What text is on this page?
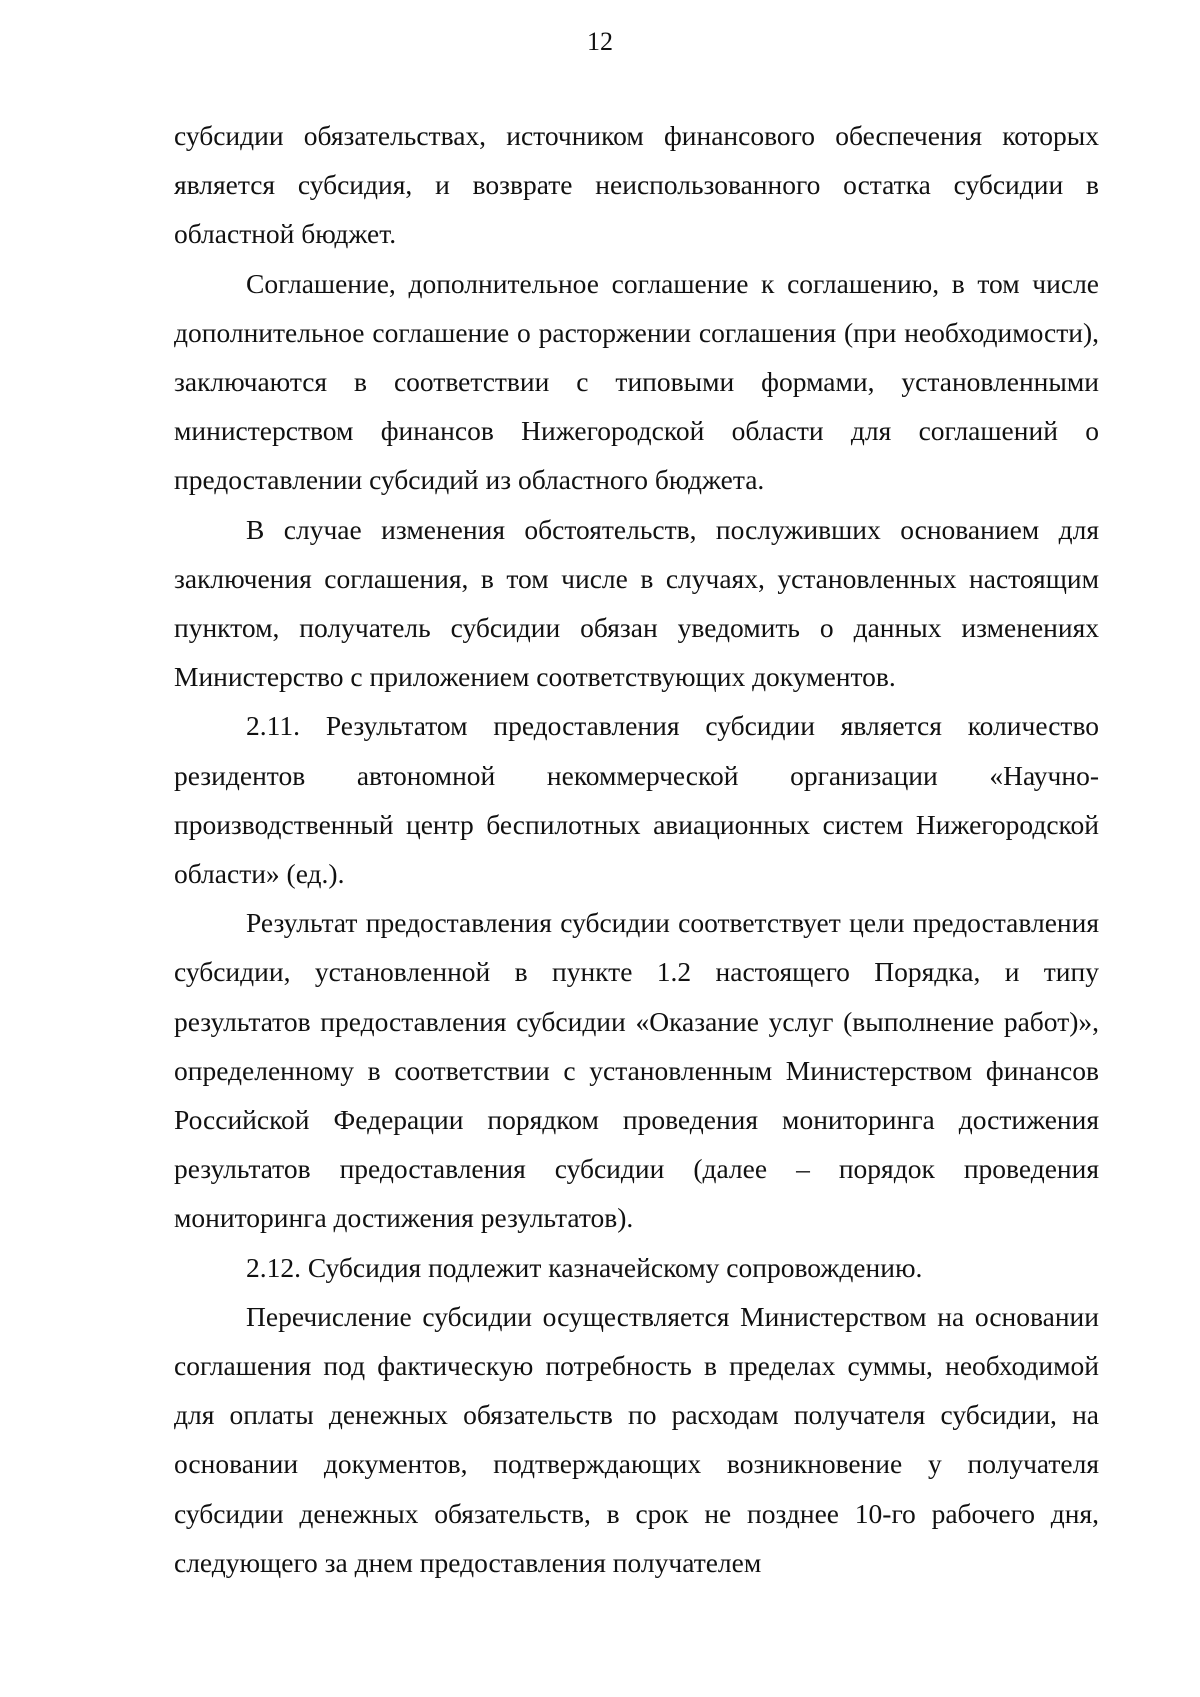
12

субсидии обязательствах, источником финансового обеспечения которых является субсидия, и возврате неиспользованного остатка субсидии в областной бюджет.

Соглашение, дополнительное соглашение к соглашению, в том числе дополнительное соглашение о расторжении соглашения (при необходимости), заключаются в соответствии с типовыми формами, установленными министерством финансов Нижегородской области для соглашений о предоставлении субсидий из областного бюджета.

В случае изменения обстоятельств, послуживших основанием для заключения соглашения, в том числе в случаях, установленных настоящим пунктом, получатель субсидии обязан уведомить о данных изменениях Министерство с приложением соответствующих документов.

2.11. Результатом предоставления субсидии является количество резидентов автономной некоммерческой организации «Научно-производственный центр беспилотных авиационных систем Нижегородской области» (ед.).

Результат предоставления субсидии соответствует цели предоставления субсидии, установленной в пункте 1.2 настоящего Порядка, и типу результатов предоставления субсидии «Оказание услуг (выполнение работ)», определенному в соответствии с установленным Министерством финансов Российской Федерации порядком проведения мониторинга достижения результатов предоставления субсидии (далее – порядок проведения мониторинга достижения результатов).

2.12. Субсидия подлежит казначейскому сопровождению.

Перечисление субсидии осуществляется Министерством на основании соглашения под фактическую потребность в пределах суммы, необходимой для оплаты денежных обязательств по расходам получателя субсидии, на основании документов, подтверждающих возникновение у получателя субсидии денежных обязательств, в срок не позднее 10-го рабочего дня, следующего за днем предоставления получателем
